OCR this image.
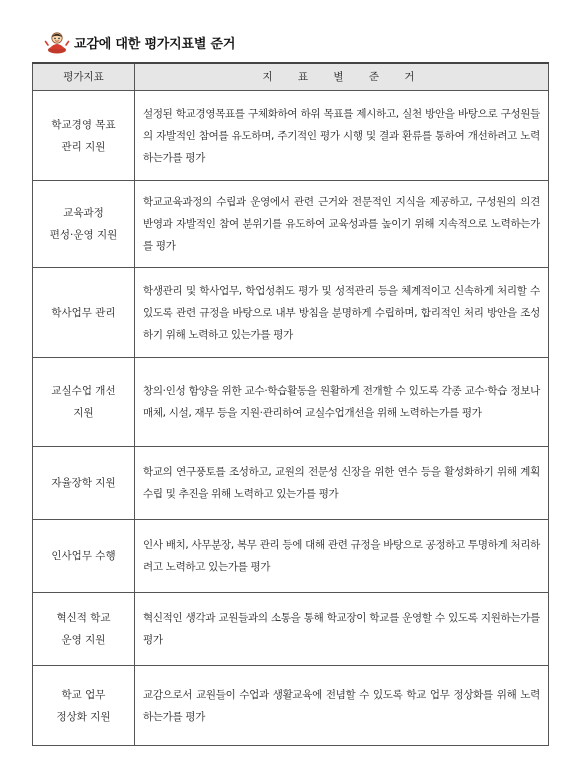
교감에 대한 평가지표별 준거
평가지표	지 표 별 준 거

학교경영 목표
관리 지원	설정된 학교경영목표를 구체화하여 하위 목표를 제시하고, 실천 방안을 바탕으로 구성원들의 자발적인 참여를 유도하며, 주기적인 평가 시행 및 결과 환류를 통하여 개선하려고 노력하는가를 평가

교육과정
편성·운영 지원	학교교육과정의 수립과 운영에서 관련 근거와 전문적인 지식을 제공하고, 구성원의 의견 반영과 자발적인 참여 분위기를 유도하여 교육성과를 높이기 위해 지속적으로 노력하는가를 평가

학사업무 관리	학생관리 및 학사업무, 학업성취도 평가 및 성적관리 등을 체계적이고 신속하게 처리할 수 있도록 관련 규정을 바탕으로 내부 방침을 분명하게 수립하며, 합리적인 처리 방안을 조성하기 위해 노력하고 있는가를 평가

교실수업 개선
지원	창의·인성 함양을 위한 교수·학습활동을 원활하게 전개할 수 있도록 각종 교수·학습 정보나 매체, 시설, 재무 등을 지원·관리하여 교실수업개선을 위해 노력하는가를 평가

자율장학 지원	학교의 연구풍토를 조성하고, 교원의 전문성 신장을 위한 연수 등을 활성화하기 위해 계획 수립 및 추진을 위해 노력하고 있는가를 평가

인사업무 수행	인사 배치, 사무분장, 복무 관리 등에 대해 관련 규정을 바탕으로 공정하고 투명하게 처리하려고 노력하고 있는가를 평가

혁신적 학교
운영 지원	혁신적인 생각과 교원들과의 소통을 통해 학교장이 학교를 운영할 수 있도록 지원하는가를 평가

학교 업무
정상화 지원	교감으로서 교원들이 수업과 생활교육에 전념할 수 있도록 학교 업무 정상화를 위해 노력하는가를 평가
